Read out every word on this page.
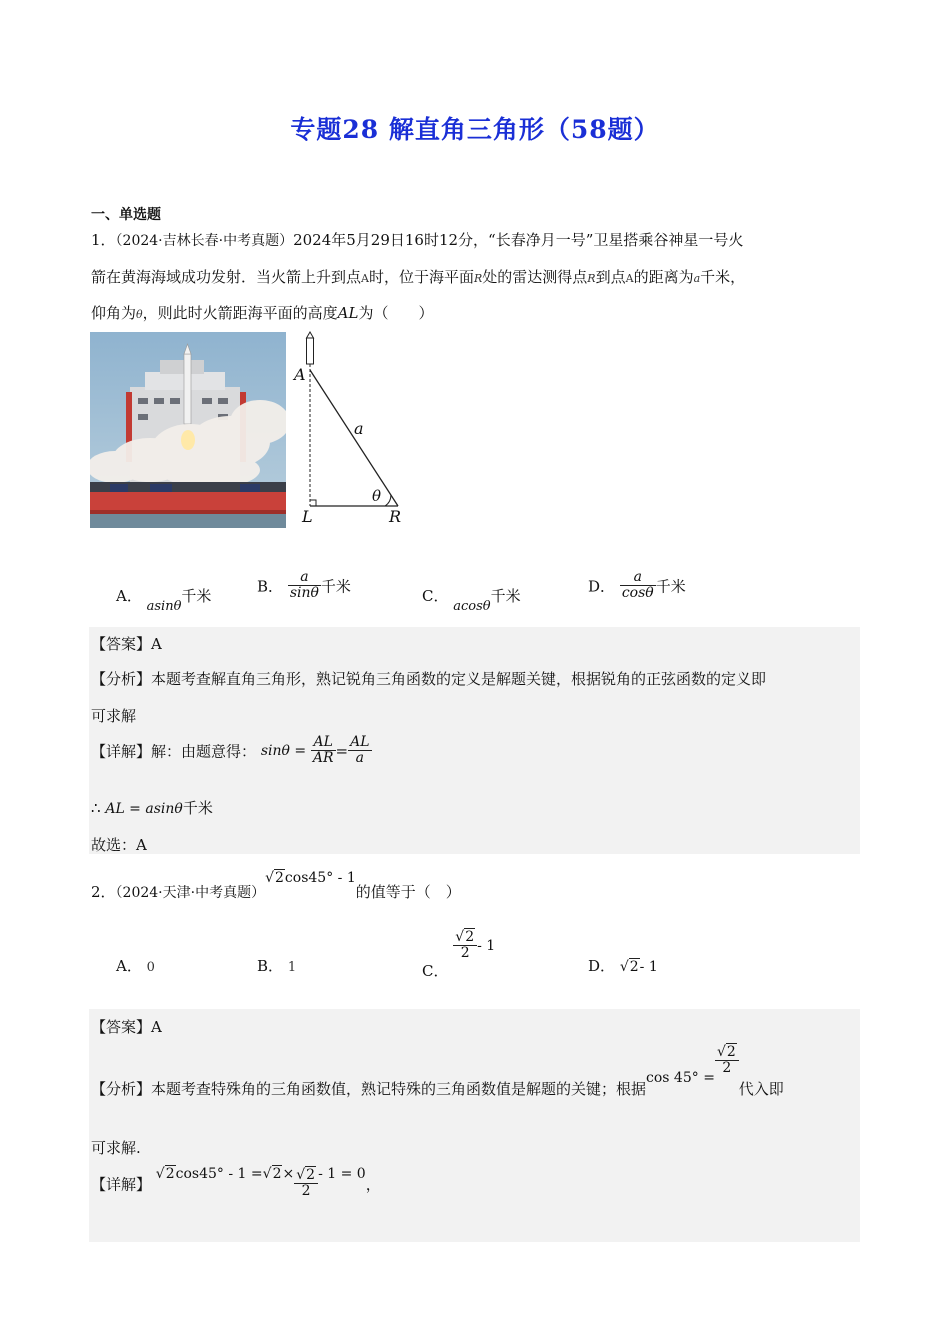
专题28 解直角三角形（58题）
一、单选题
1．（2024·吉林长春·中考真题）2024年5月29日16时12分，“长春净月一号”卫星搭乘谷神星一号火
箭在黄海海域成功发射．当火箭上升到点A时，位于海平面R处的雷达测得点R到点A的距离为a千米，
仰角为θ，则此时火箭距海平面的高度AL为（　　）
A
a
θ
L	R
A． asinθ千米
B． $\frac{a}{\sin\theta}$ 千米
C． acosθ千米
D． $\frac{a}{\cos\theta}$ 千米
【答案】A
【分析】本题考查解直角三角形，熟记锐角三角函数的定义是解题关键，根据锐角的正弦函数的定义即
可求解
【详解】解：由题意得： $\sin\theta = \frac{AL}{AR} = \frac{AL}{a}$
∴ AL = asinθ千米
故选：A
2．（2024·天津·中考真题）√2cos45° - 1的值等于（　）
A． 0	B． 1	C．
$\frac{√2}{2} - 1$
D． √2- 1
【答案】A
【分析】本题考查特殊角的三角函数值，熟记特殊的三角函数值是解题的关键；根据cos 45° =
$\frac{√2}{2}$
代入即
可求解.
【详解】 $√2\cos 45^\circ - 1 =√2\times \frac{√2}{2} - 1 = 0$，
